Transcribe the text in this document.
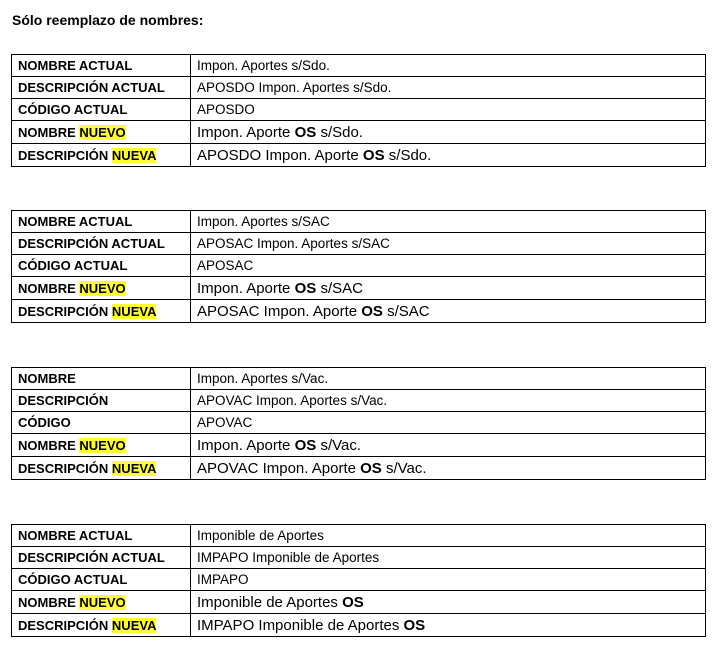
Sólo reemplazo de nombres:
NOMBRE ACTUAL	Impon. Aportes s/Sdo.
DESCRIPCIÓN ACTUAL	APOSDO Impon. Aportes s/Sdo.
CÓDIGO ACTUAL	APOSDO
NOMBRE NUEVO	Impon. Aporte OS s/Sdo.
DESCRIPCIÓN NUEVA	APOSDO Impon. Aporte OS s/Sdo.
NOMBRE ACTUAL	Impon. Aportes s/SAC
DESCRIPCIÓN ACTUAL	APOSAC Impon. Aportes s/SAC
CÓDIGO ACTUAL	APOSAC
NOMBRE NUEVO	Impon. Aporte OS s/SAC
DESCRIPCIÓN NUEVA	APOSAC Impon. Aporte OS s/SAC
NOMBRE	Impon. Aportes s/Vac.
DESCRIPCIÓN	APOVAC Impon. Aportes s/Vac.
CÓDIGO	APOVAC
NOMBRE NUEVO	Impon. Aporte OS s/Vac.
DESCRIPCIÓN NUEVA	APOVAC Impon. Aporte OS s/Vac.
NOMBRE ACTUAL	Imponible de Aportes
DESCRIPCIÓN ACTUAL	IMPAPO Imponible de Aportes
CÓDIGO ACTUAL	IMPAPO
NOMBRE NUEVO	Imponible de Aportes OS
DESCRIPCIÓN NUEVA	IMPAPO Imponible de Aportes OS
